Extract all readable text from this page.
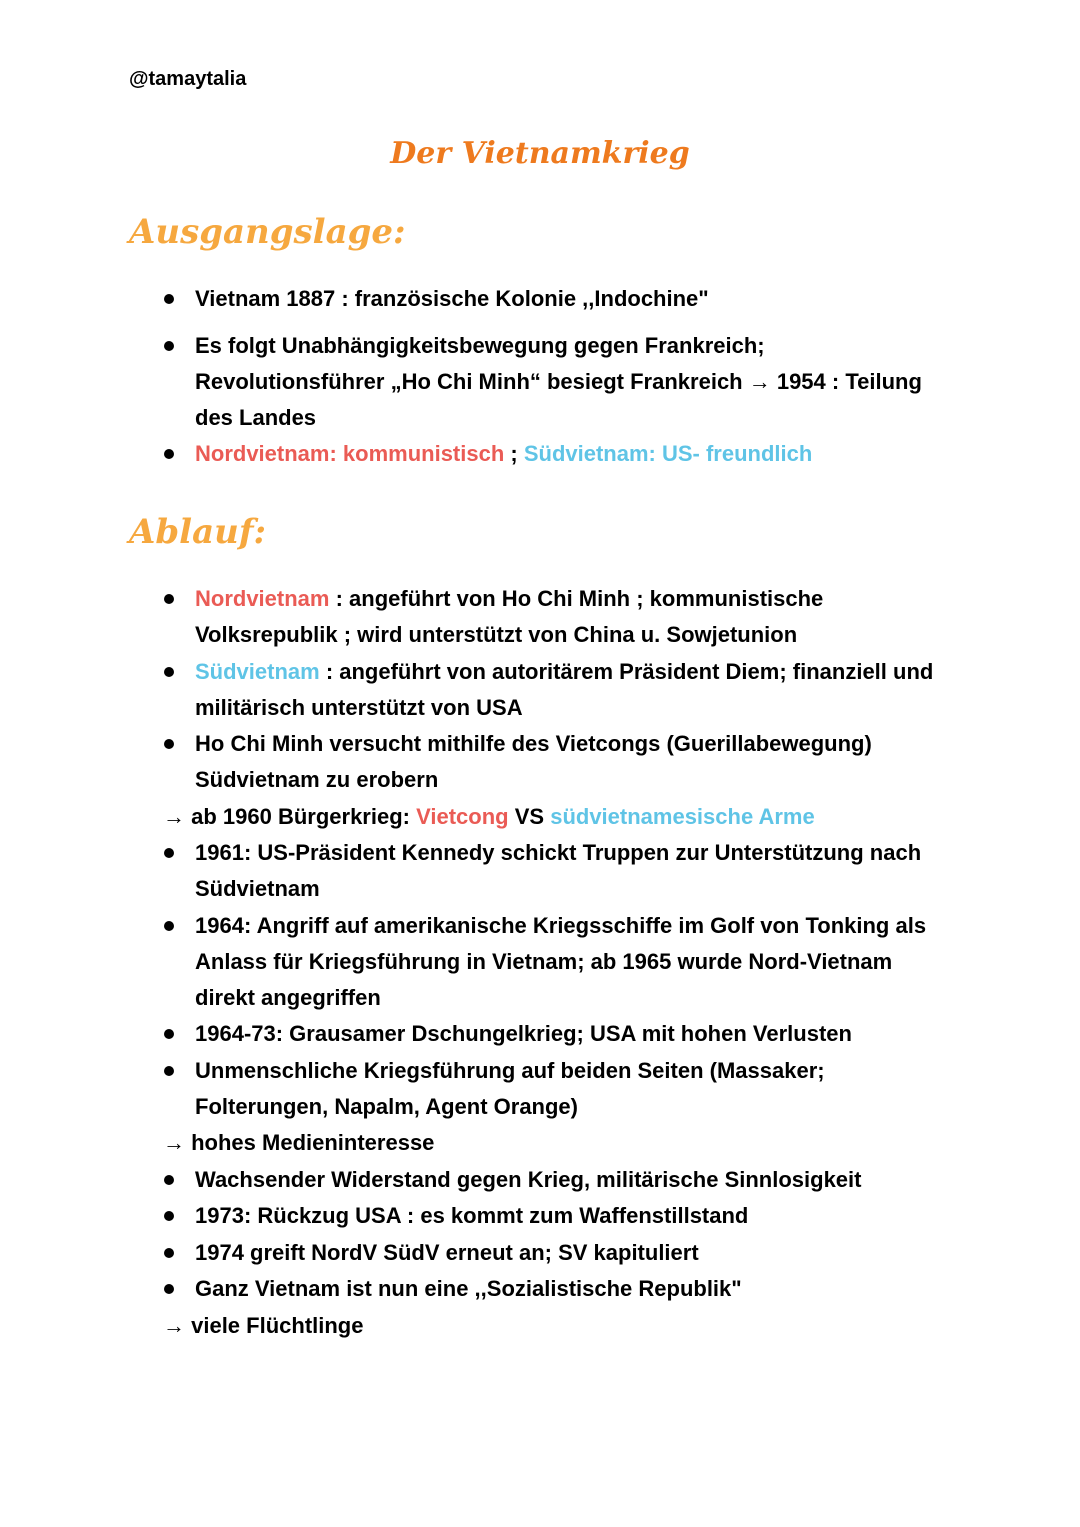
@tamaytalia
Der Vietnamkrieg
Ausgangslage:
Vietnam 1887 : französische Kolonie ,,Indochine"
Es folgt Unabhängigkeitsbewegung gegen Frankreich; Revolutionsführer „Ho Chi Minh“ besiegt Frankreich → 1954 : Teilung des Landes
Nordvietnam: kommunistisch ; Südvietnam: US- freundlich
Ablauf:
Nordvietnam : angeführt von Ho Chi Minh ; kommunistische Volksrepublik ; wird unterstützt von China u. Sowjetunion
Südvietnam : angeführt von autoritärem Präsident Diem; finanziell und militärisch unterstützt von USA
Ho Chi Minh versucht mithilfe des Vietcongs (Guerillabewegung) Südvietnam zu erobern
→ ab 1960 Bürgerkrieg: Vietcong VS südvietnamesische Arme
1961: US-Präsident Kennedy schickt Truppen zur Unterstützung nach Südvietnam
1964: Angriff auf amerikanische Kriegsschiffe im Golf von Tonking als Anlass für Kriegsführung in Vietnam; ab 1965 wurde Nord-Vietnam direkt angegriffen
1964-73: Grausamer Dschungelkrieg; USA mit hohen Verlusten
Unmenschliche Kriegsführung auf beiden Seiten (Massaker; Folterungen, Napalm, Agent Orange)
→ hohes Medieninteresse
Wachsender Widerstand gegen Krieg, militärische Sinnlosigkeit
1973: Rückzug USA : es kommt zum Waffenstillstand
1974 greift NordV SüdV erneut an; SV kapituliert
Ganz Vietnam ist nun eine ,,Sozialistische Republik"
→ viele Flüchtlinge
